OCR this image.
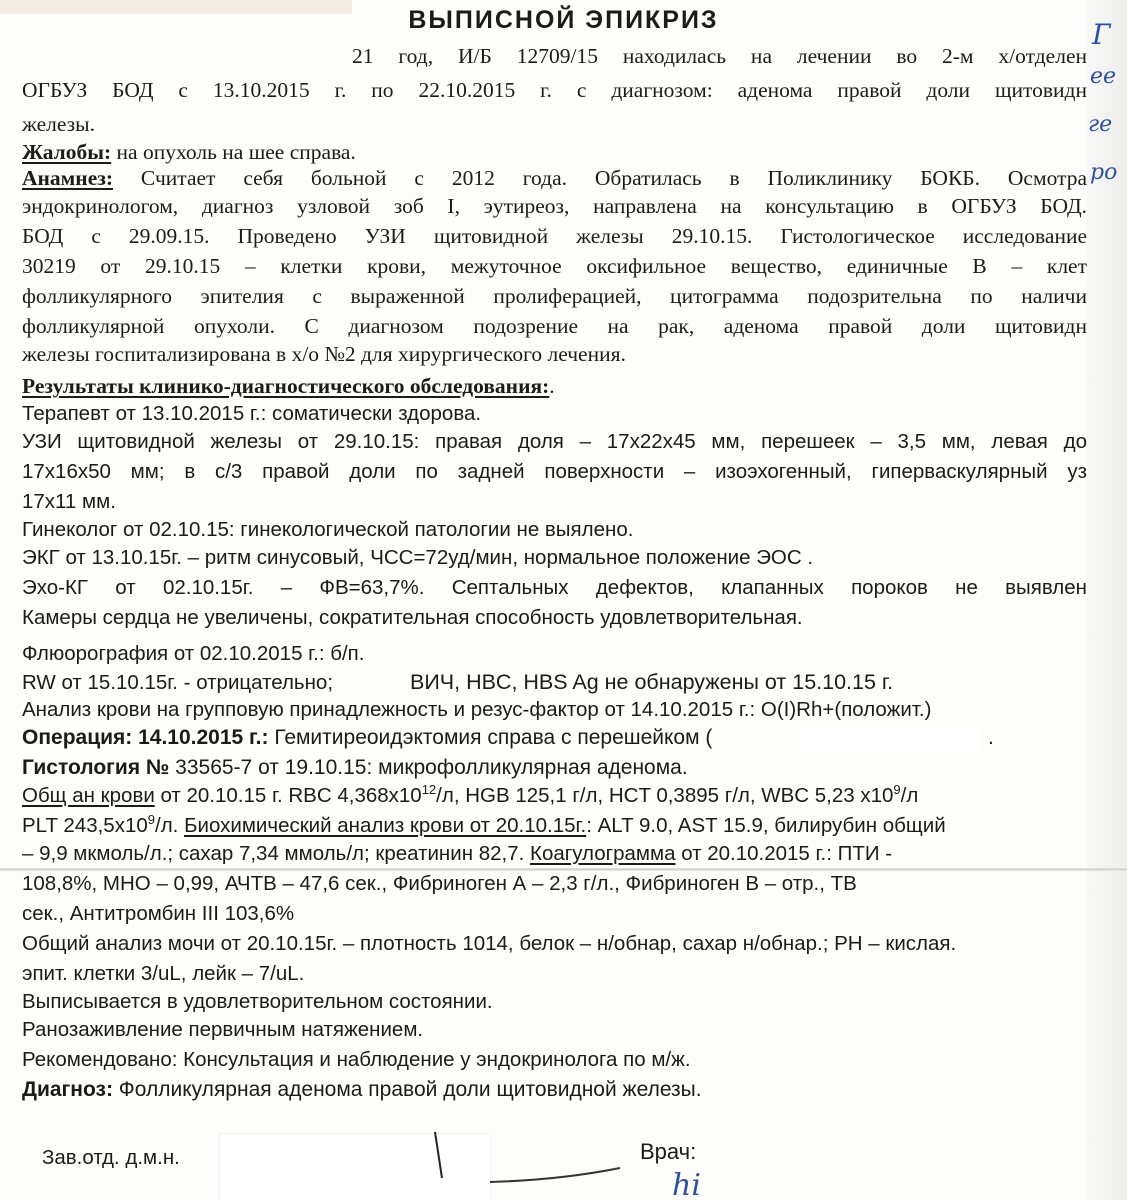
ВЫПИСНОЙ ЭПИКРИЗ
21 год, И/Б 12709/15 находилась на лечении во 2-м х/отделен
ОГБУЗ БОД с 13.10.2015 г. по 22.10.2015 г. с диагнозом: аденома правой доли щитовидн
железы.
Жалобы: на опухоль на шее справа.
Анамнез: Считает себя больной с 2012 года. Обратилась в Поликлинику БОКБ. Осмотра
эндокринологом, диагноз узловой зоб I, эутиреоз, направлена на консультацию в ОГБУЗ БОД.
БОД с 29.09.15. Проведено УЗИ щитовидной железы 29.10.15. Гистологическое исследование
30219 от 29.10.15 – клетки крови, межуточное оксифильное вещество, единичные В – клет
фолликулярного эпителия с выраженной пролиферацией, цитограмма подозрительна по наличи
фолликулярной опухоли. С диагнозом подозрение на рак, аденома правой доли щитовидн
железы госпитализирована в х/о №2 для хирургического лечения.
Результаты клинико-диагностического обследования:.
Терапевт от 13.10.2015 г.: соматически здорова.
УЗИ щитовидной железы от 29.10.15: правая доля – 17х22х45 мм, перешеек – 3,5 мм, левая до
17х16х50 мм; в с/3 правой доли по задней поверхности – изоэхогенный, гиперваскулярный уз
17х11 мм.
Гинеколог от 02.10.15: гинекологической патологии не выялено.
ЭКГ от 13.10.15г. – ритм синусовый, ЧСС=72уд/мин, нормальное положение ЭОС .
Эхо-КГ от 02.10.15г. – ФВ=63,7%. Септальных дефектов, клапанных пороков не выявлен
Камеры сердца не увеличены, сократительная способность удовлетворительная.
Флюорография от 02.10.2015 г.: б/п.
RW от 15.10.15г. - отрицательно;	ВИЧ, HBC, HBS Ag не обнаружены от 15.10.15 г.
Анализ крови на групповую принадлежность и резус-фактор от 14.10.2015 г.: O(I)Rh+(положит.)
Операция: 14.10.2015 г.: Гемитиреоидэктомия справа с перешейком (	.
Гистология № 33565-7 от 19.10.15: микрофолликулярная аденома.
Общ ан крови от 20.10.15 г. RBC $4,368х10^{12}/л$, HGB 125,1 г/л, HCT 0,3895 г/л, WBC 5,23 $х10^9/л$
PLT $243,5х10^9/л$. Биохимический анализ крови от 20.10.15г.: ALT 9.0, AST 15.9, билирубин общий
– 9,9 мкмоль/л.; сахар 7,34 ммоль/л; креатинин 82,7. Коагулограмма от 20.10.2015 г.: ПТИ -
108,8%, МНО – 0,99, АЧТВ – 47,6 сек., Фибриноген А – 2,3 г/л., Фибриноген В – отр., ТВ
сек., Антитромбин III 103,6%
Общий анализ мочи от 20.10.15г. – плотность 1014, белок – н/обнар, сахар н/обнар.; PH – кислая.
эпит. клетки 3/uL, лейк – 7/uL.
Выписывается в удовлетворительном состоянии.
Ранозаживление первичным натяжением.
Рекомендовано: Консультация и наблюдение у эндокринолога по м/ж.
Диагноз: Фолликулярная аденома правой доли щитовидной железы.
Зав.отд. д.м.н.	Врач:
Г
ее
ге
ро
hi
